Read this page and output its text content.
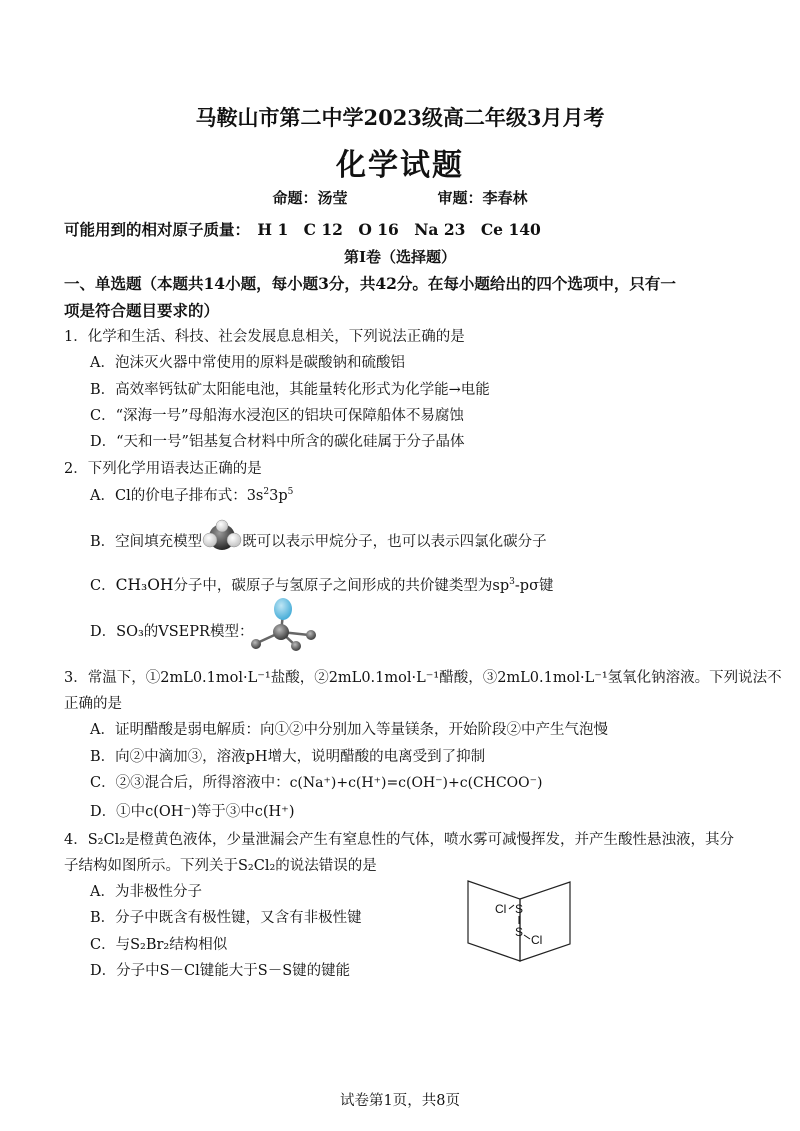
马鞍山市第二中学2023级高二年级3月月考
化学试题
命题：汤莹	审题：李春林
可能用到的相对原子质量： H 1 C 12 O 16 Na 23 Ce 140
第Ⅰ卷（选择题）
一、单选题（本题共14小题，每小题3分，共42分。在每小题给出的四个选项中，只有一
项是符合题目要求的）
1．化学和生活、科技、社会发展息息相关，下列说法正确的是
A．泡沫灭火器中常使用的原料是碳酸钠和硫酸铝
B．高效率钙钛矿太阳能电池，其能量转化形式为化学能→电能
C．“深海一号”母船海水浸泡区的铝块可保障船体不易腐蚀
D．“天和一号”铝基复合材料中所含的碳化硅属于分子晶体
2．下列化学用语表达正确的是
A．Cl的价电子排布式：$3s^23p^5$
B．空间填充模型	既可以表示甲烷分子，也可以表示四氯化碳分子
C．CH₃OH分子中，碳原子与氢原子之间形成的共价键类型为$sp^3-p\sigma$键
D．SO₃的VSEPR模型：
3．常温下，①2mL0.1mol·L⁻¹盐酸，②2mL0.1mol·L⁻¹醋酸，③2mL0.1mol·L⁻¹氢氧化钠溶液。下列说法不
正确的是
A．证明醋酸是弱电解质：向①②中分别加入等量镁条，开始阶段②中产生气泡慢
B．向②中滴加③，溶液pH增大，说明醋酸的电离受到了抑制
C．②③混合后，所得溶液中：c(Na⁺)+c(H⁺)=c(OH⁻)+c(CHCOO⁻)
D．①中c(OH⁻)等于③中c(H⁺)
4．S₂Cl₂是橙黄色液体，少量泄漏会产生有窒息性的气体，喷水雾可减慢挥发，并产生酸性悬浊液，其分
子结构如图所示。下列关于S₂Cl₂的说法错误的是
A．为非极性分子
B．分子中既含有极性键，又含有非极性键
C．与S₂Br₂结构相似
D．分子中S－Cl键能大于S－S键的键能
Cl S
S
Cl
试卷第1页，共8页
